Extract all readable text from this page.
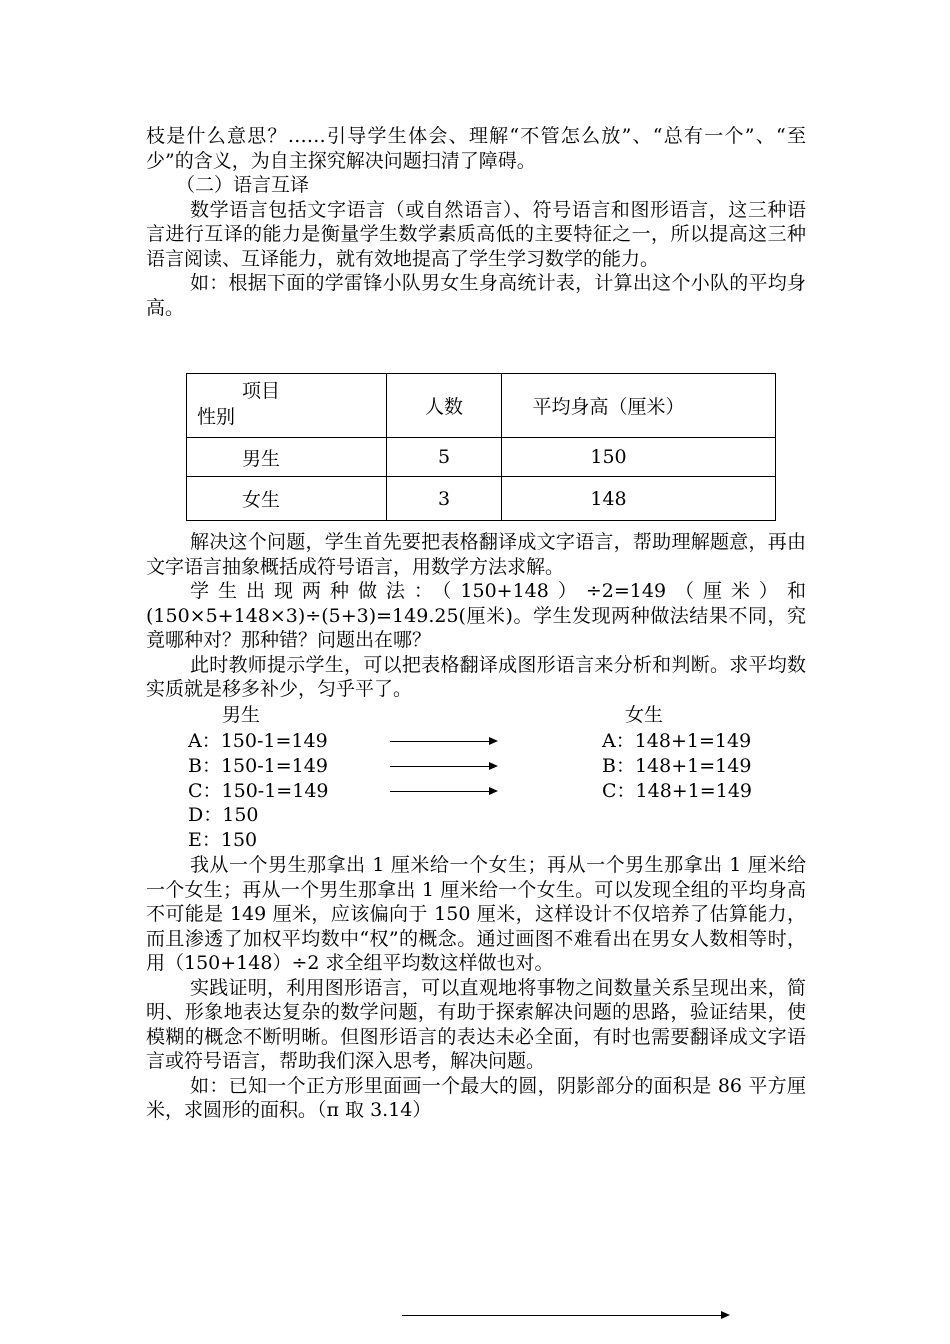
枝是什么意思？……引导学生体会、理解“不管怎么放”、“总有一个”、“至少”的含义，为自主探究解决问题扫清了障碍。

（二）语言互译

数学语言包括文字语言（或自然语言）、符号语言和图形语言，这三种语言进行互译的能力是衡量学生数学素质高低的主要特征之一，所以提高这三种语言阅读、互译能力，就有效地提高了学生学习数学的能力。

如：根据下面的学雷锋小队男女生身高统计表，计算出这个小队的平均身高。

项目
性别	人数	平均身高（厘米）
男生	5	150
女生	3	148

解决这个问题，学生首先要把表格翻译成文字语言，帮助理解题意，再由文字语言抽象概括成符号语言，用数学方法求解。

学生出现两种做法：（150+148）÷2=149（厘米）和(150×5+148×3)÷(5+3)=149.25(厘米)。学生发现两种做法结果不同，究竟哪种对？那种错？问题出在哪？

此时教师提示学生，可以把表格翻译成图形语言来分析和判断。求平均数实质就是移多补少，匀乎平了。

男生	女生
A：150-1=149
B：150-1=149
C：150-1=149
D：150
E：150
A：148+1=149
B：148+1=149
C：148+1=149

我从一个男生那拿出 1 厘米给一个女生；再从一个男生那拿出 1 厘米给一个女生；再从一个男生那拿出 1 厘米给一个女生。可以发现全组的平均身高不可能是 149 厘米，应该偏向于 150 厘米，这样设计不仅培养了估算能力，而且渗透了加权平均数中“权”的概念。通过画图不难看出在男女人数相等时，用（150+148）÷2 求全组平均数这样做也对。

实践证明，利用图形语言，可以直观地将事物之间数量关系呈现出来，简明、形象地表达复杂的数学问题，有助于探索解决问题的思路，验证结果，使模糊的概念不断明晰。但图形语言的表达未必全面，有时也需要翻译成文字语言或符号语言，帮助我们深入思考，解决问题。

如：已知一个正方形里面画一个最大的圆，阴影部分的面积是 86 平方厘米，求圆形的面积。（π 取 3.14）
